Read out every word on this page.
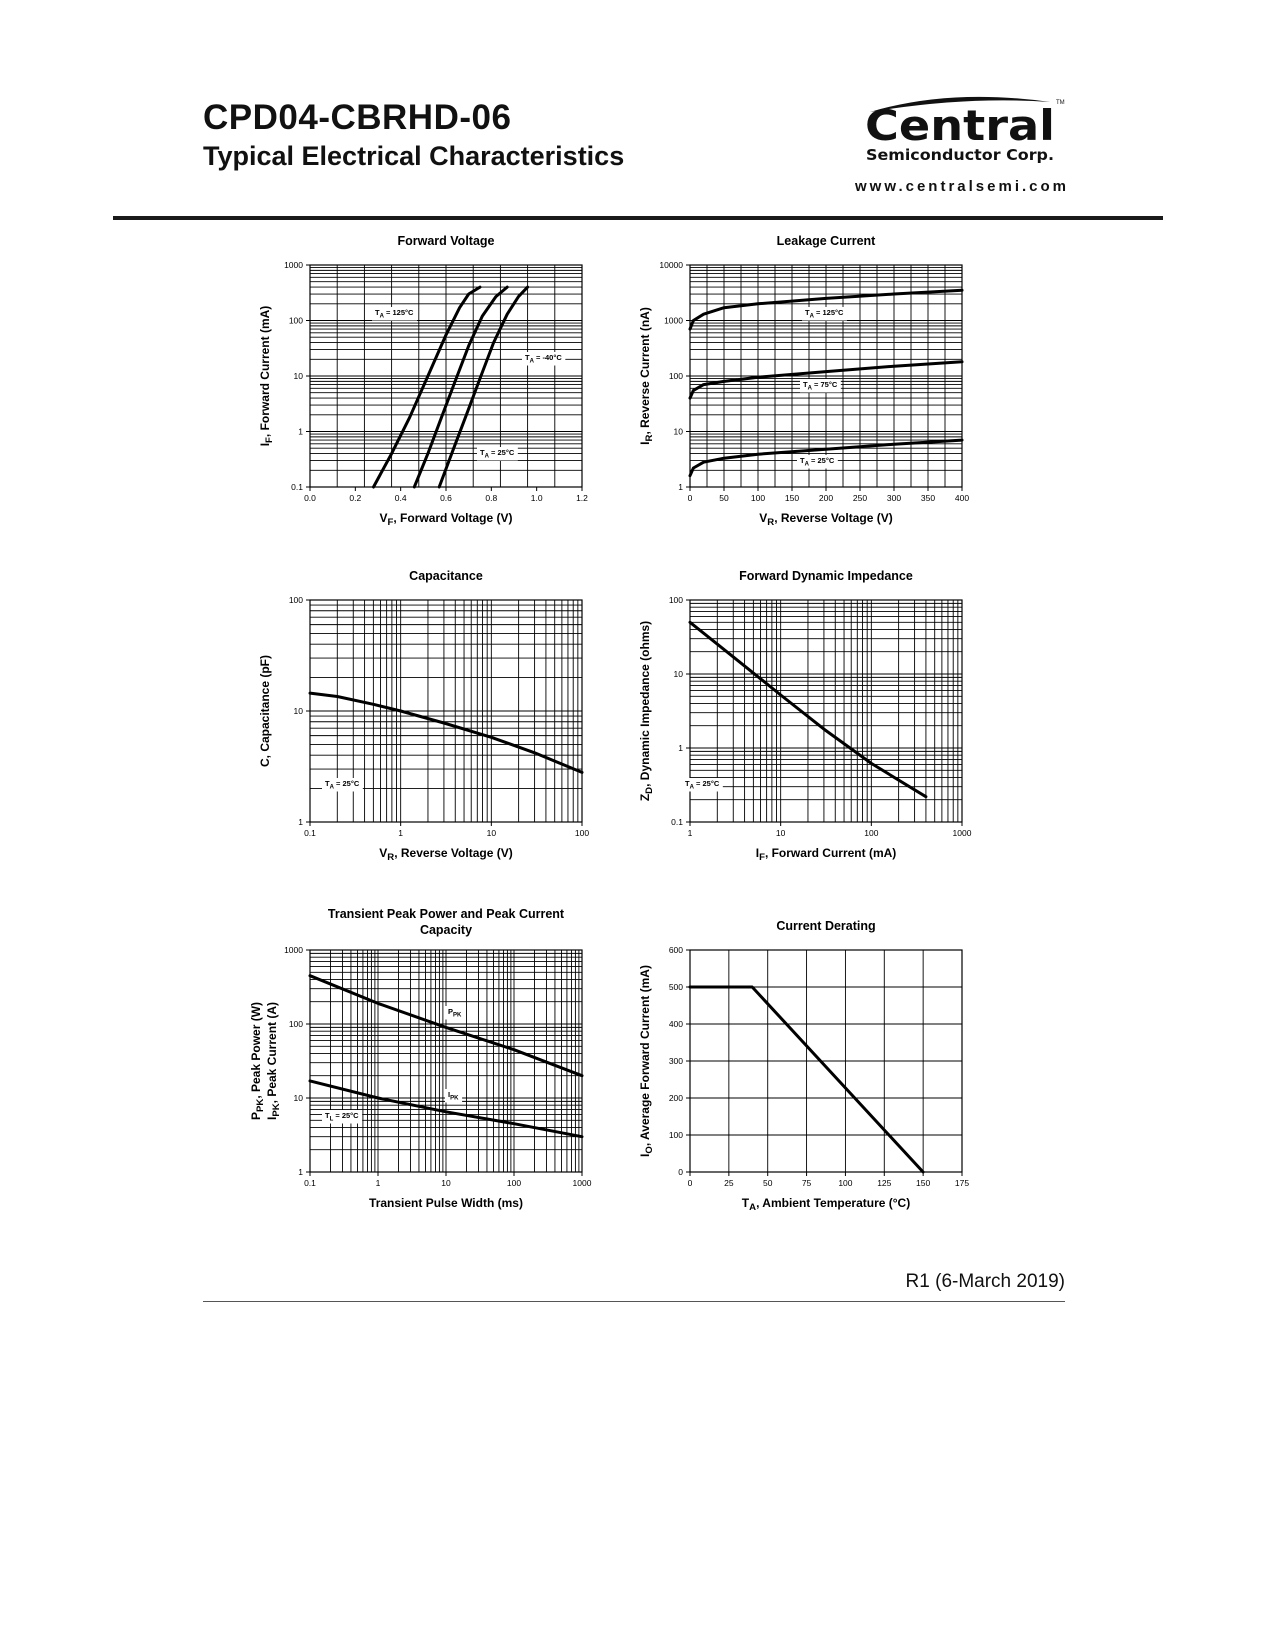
CPD04-CBRHD-06
Typical Electrical Characteristics
Central TM
Semiconductor Corp.
www.centralsemi.com
Forward Voltage
0.0	0.2	0.4	0.6	0.8	1.0	1.2
0.1
1
10
100
1000
$V_F$, Forward Voltage (V)
$I_F$, Forward Current (mA)	$T_A = 125^\circ C$
$T_A = -40^\circ C$
$T_A = 25^\circ C$
Leakage Current
0	50	100 150 200 250 300 350 400
1
10
100
1000
10000
$V_R$, Reverse Voltage (V)
$I_R$, Reverse Current (nA)	$T_A = 125^\circ C$
$T_A = 75^\circ C$
$T_A = 25^\circ C$
Capacitance
0.1	1	10	100
1
10
100
$V_R$, Reverse Voltage (V)
C, Capacitance (pF)
$T_A = 25^\circ C$
Forward Dynamic Impedance
1	10	100	1000
0.1
1
10
100
$I_F$, Forward Current (mA)
$Z_D$, Dynamic Impedance (ohms)	$T_A = 25^\circ C$
Transient Peak Power and Peak Current
Capacity
0.1	1	10	100	1000
1
10
100
1000
Transient Pulse Width (ms)
$P_{PK}$, Peak Power (W)
$I_{PK}$, Peak Current (A)	$P_{PK}$
$I_{PK}$
$T_L = 25^\circ C$
Current Derating
0	25	50	75	100	125	150	175
0
100
200
300
400
500
600
$T_A$, Ambient Temperature (°C)
$I_O$, Average Forward Current (mA)
R1 (6-March 2019)
